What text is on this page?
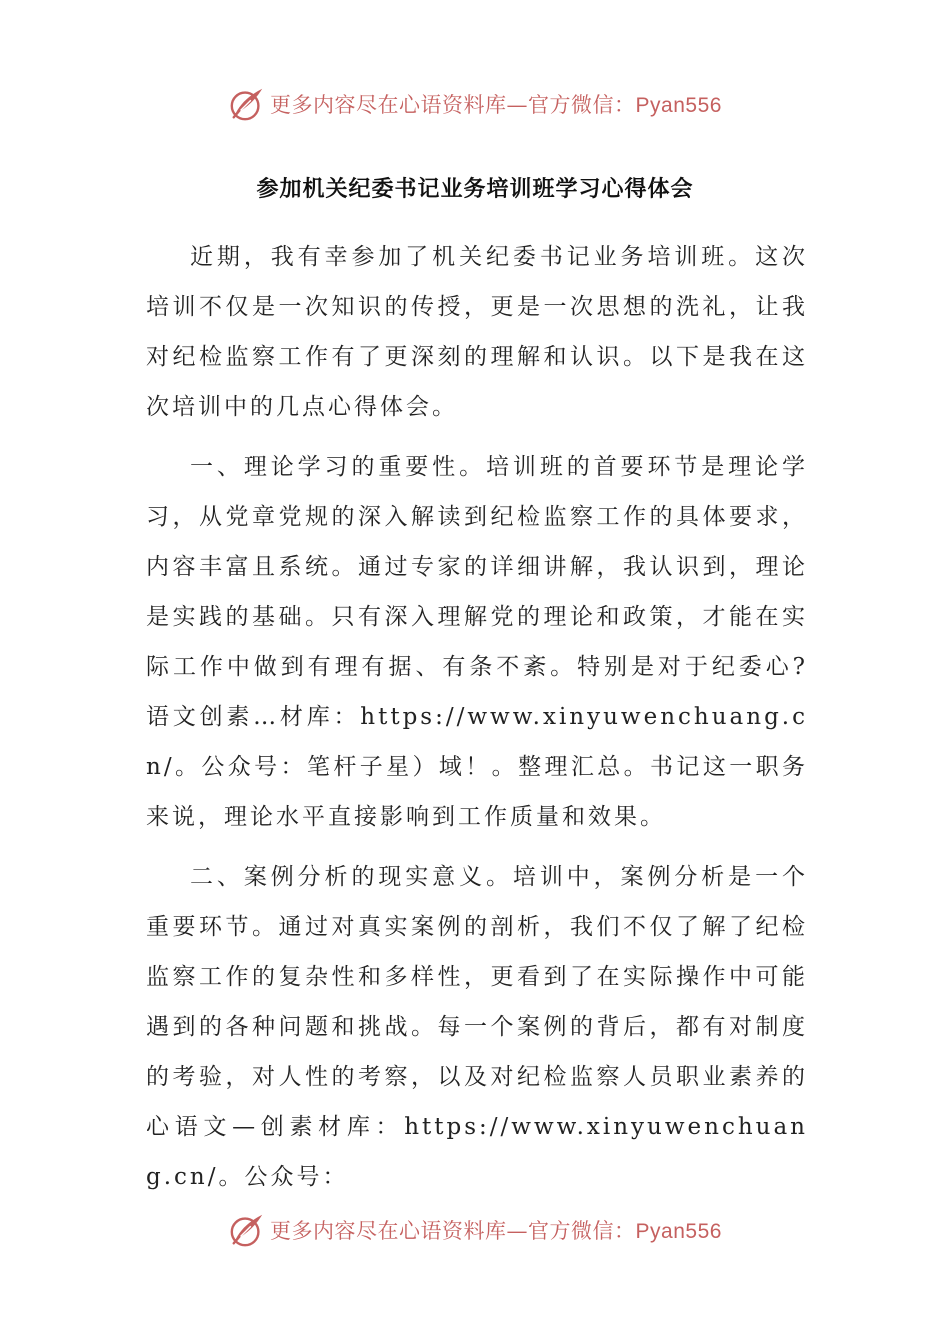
更多内容尽在心语资料库—官方微信：Pyan556
参加机关纪委书记业务培训班学习心得体会

近期，我有幸参加了机关纪委书记业务培训班。这次培训不仅是一次知识的传授，更是一次思想的洗礼，让我对纪检监察工作有了更深刻的理解和认识。以下是我在这次培训中的几点心得体会。

一、理论学习的重要性。培训班的首要环节是理论学习，从党章党规的深入解读到纪检监察工作的具体要求，内容丰富且系统。通过专家的详细讲解，我认识到，理论是实践的基础。只有深入理解党的理论和政策，才能在实际工作中做到有理有据、有条不紊。特别是对于纪委心?语文创素…材库：https://www.xinyuwenchuang.cn/。公众号：笔杆子星）域！。整理汇总。书记这一职务来说，理论水平直接影响到工作质量和效果。

二、案例分析的现实意义。培训中，案例分析是一个重要环节。通过对真实案例的剖析，我们不仅了解了纪检监察工作的复杂性和多样性，更看到了在实际操作中可能遇到的各种问题和挑战。每一个案例的背后，都有对制度的考验，对人性的考察，以及对纪检监察人员职业素养的心语文—创素材库：https://www.xinyuwenchuang.cn/。公众号：

更多内容尽在心语资料库—官方微信：Pyan556
